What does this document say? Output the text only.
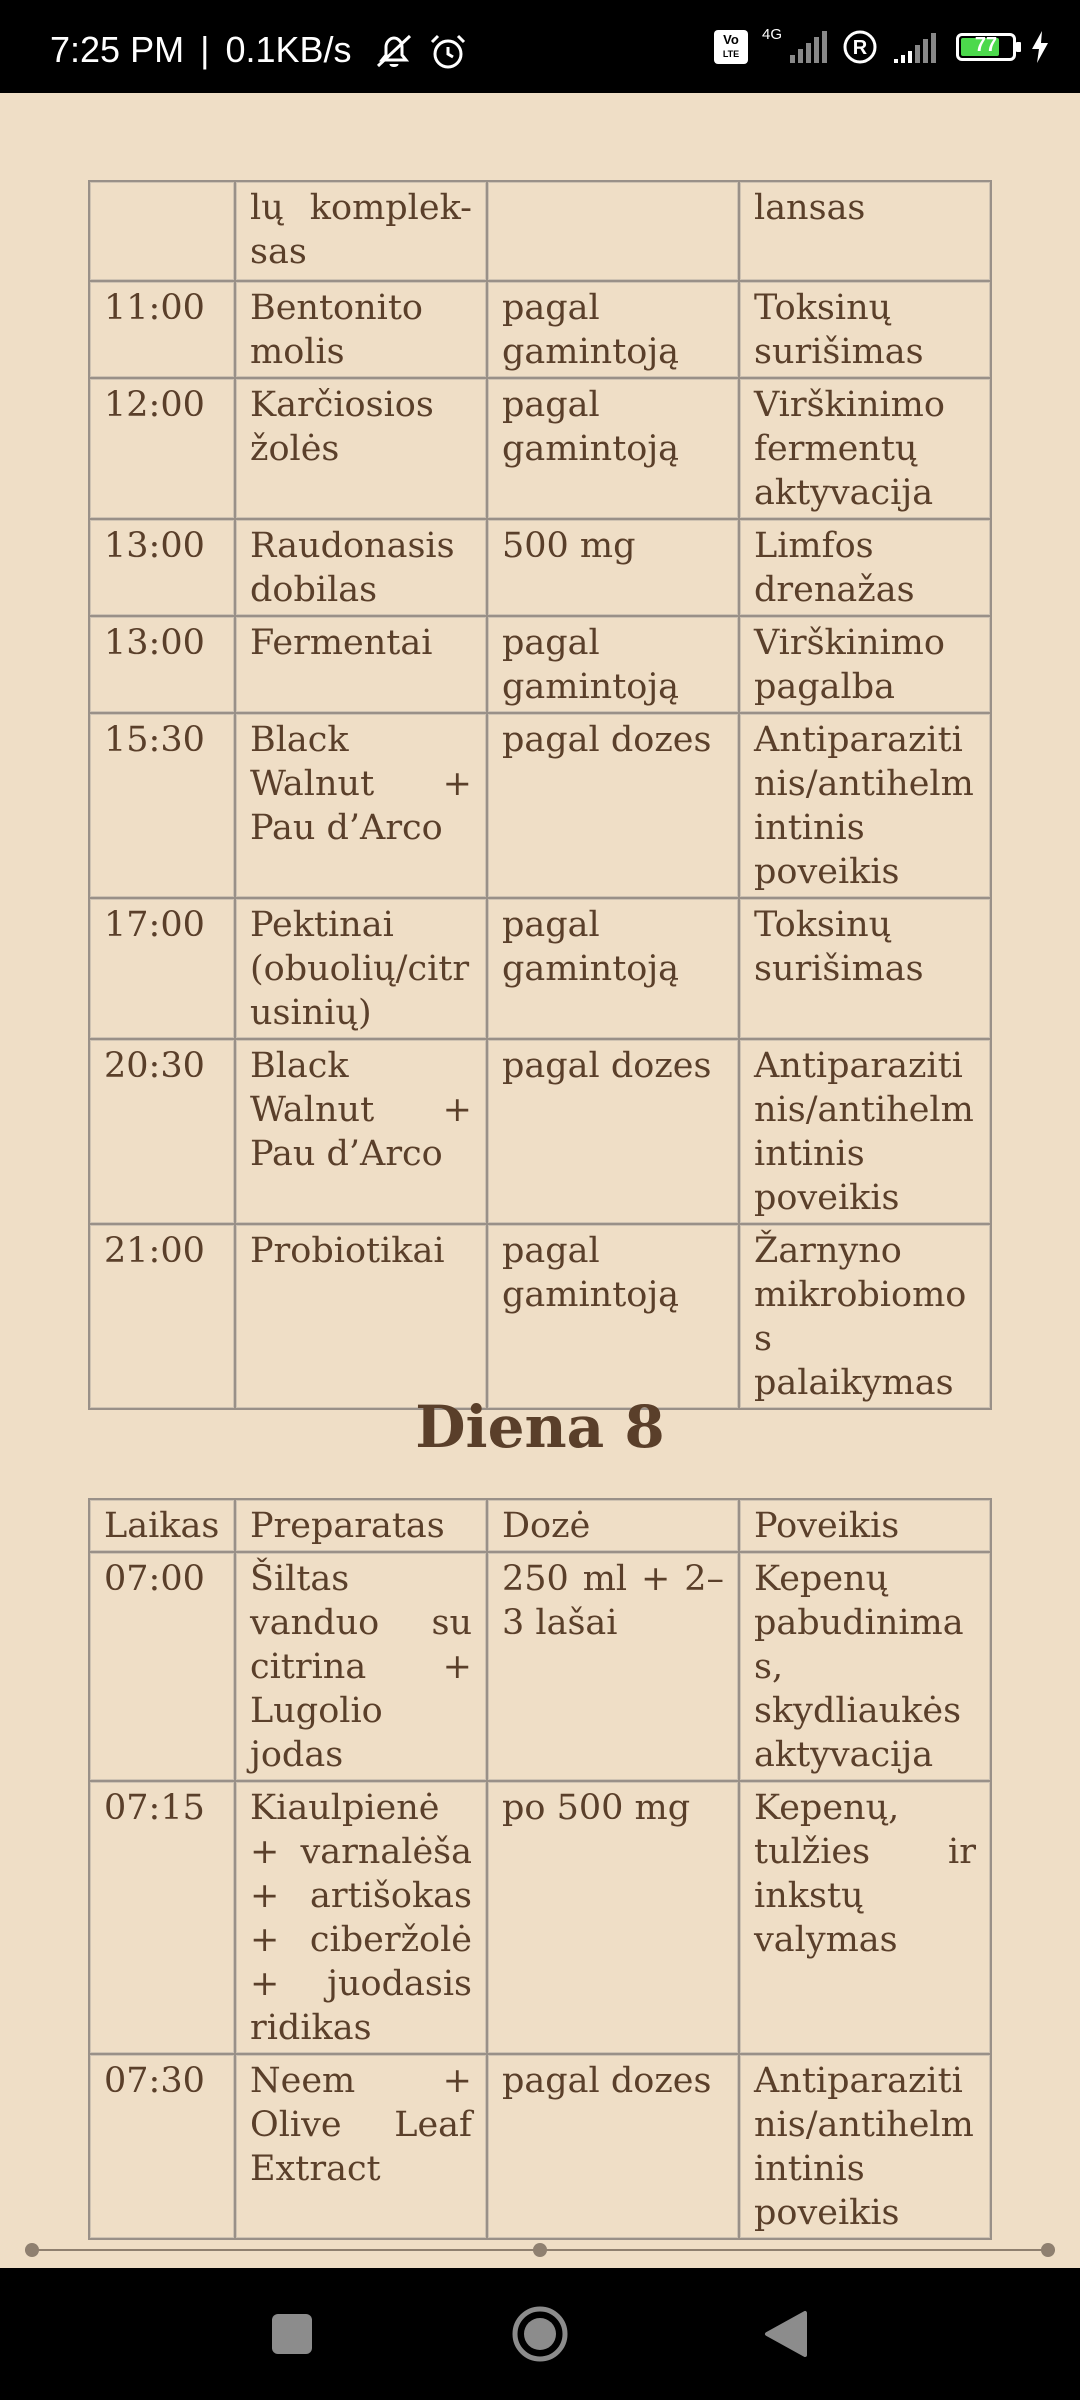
7:25 PM | 0.1KB/s	Vo
LTE
4G
R	77
	lų komplek-sas		lansas
11:00	Bentonito molis	pagal gamintoją	Toksinų surišimas
12:00	Karčiosios žolės	pagal gamintoją	Virškinimo fermentų aktyvacija
13:00	Raudonasis dobilas	500 mg	Limfos drenažas
13:00	Fermentai	pagal gamintoją	Virškinimo pagalba
15:30	Black Walnut + Pau d’Arco	pagal dozes	Antiparazitinis/antihelmintinis poveikis
17:00	Pektinai (obuolių/citrusinių)	pagal gamintoją	Toksinų surišimas
20:30	Black Walnut + Pau d’Arco	pagal dozes	Antiparazitinis/antihelmintinis poveikis
21:00	Probiotikai	pagal gamintoją	Žarnyno mikrobiomos palaikymas
Diena 8
Laikas	Preparatas	Dozė	Poveikis
07:00	Šiltas vanduo su citrina + Lugolio jodas	250 ml + 2–3 lašai	Kepenų pabudinimas, skydliaukės aktyvacija
07:15	Kiaulpienė + varnalėša + artišokas + ciberžolė + juodasis ridikas	po 500 mg	Kepenų, tulžies ir inkstų valymas
07:30	Neem + Olive Leaf Extract	pagal dozes	Antiparazitinis/antihelmintinis poveikis
